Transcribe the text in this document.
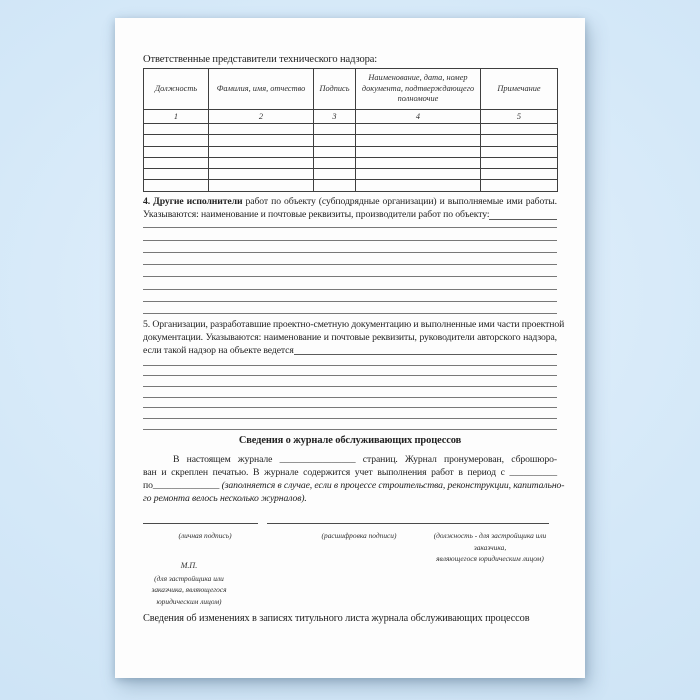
Ответственные представители технического надзора:
Должность	Фамилия, имя, отчество	Подпись	Наименование, дата, номер документа, подтверждающего полномочие	Примечание
1	2	3	4	5

4. Другие исполнители работ по объекту (субподрядные организации) и выполняемые ими работы.
Указываются: наименование и почтовые реквизиты, производители работ по объекту:
5. Организации, разработавшие проектно-сметную документацию и выполненные ими части проектной
документации. Указываются: наименование и почтовые реквизиты, руководители авторского надзора,
если такой надзор на объекте ведется
Сведения о журнале обслуживающих процессов
В настоящем журнале ________________ страниц. Журнал пронумерован, сброшюро-
ван и скреплен печатью. В журнале содержится учет выполнения работ в период с __________
по______________ (заполняется в случае, если в процессе строительства, реконструкции, капитально-
го ремонта велось несколько журналов).
(личная подпись)	(расшифровка подписи)	(должность - для застройщика или заказчика,
являющегося юридическим лицом)
М.П.
(для застройщика или
заказчика, являющегося
юридическим лицом)
Сведения об изменениях в записях титульного листа журнала обслуживающих процессов
